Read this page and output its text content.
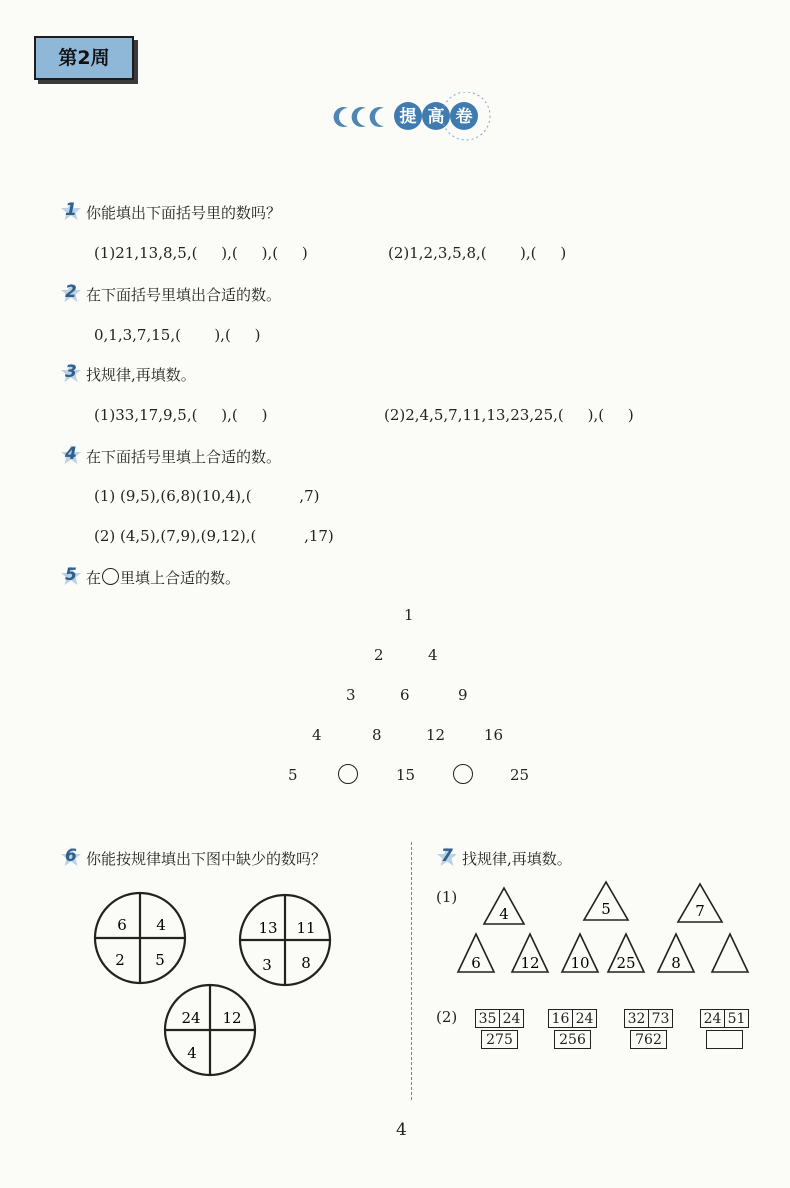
第2周
提 高 卷
1 你能填出下面括号里的数吗？
(1)21,13,8,5,(     ),(     ),(     )	(2)1,2,3,5,8,(       ),(     )
2 在下面括号里填出合适的数。
0,1,3,7,15,(       ),(     )
3 找规律,再填数。
(1)33,17,9,5,(     ),(     )	(2)2,4,5,7,11,13,23,25,(     ),(     )
4 在下面括号里填上合适的数。
(1) (9,5),(6,8)(10,4),(          ,7)
(2) (4,5),(7,9),(9,12),(          ,17)
5 在 里填上合适的数。
1
2	4
3	6	9
4	8	12	16
5	15	25
6 你能按规律填出下图中缺少的数吗？
6 4
2 5
13 11
3 8
24 12
4
7 找规律,再填数。
(1)
4	5	7
6	12 10 25 8
(2) 35 24
275
16 24
256
32 73
762
24 51
4
